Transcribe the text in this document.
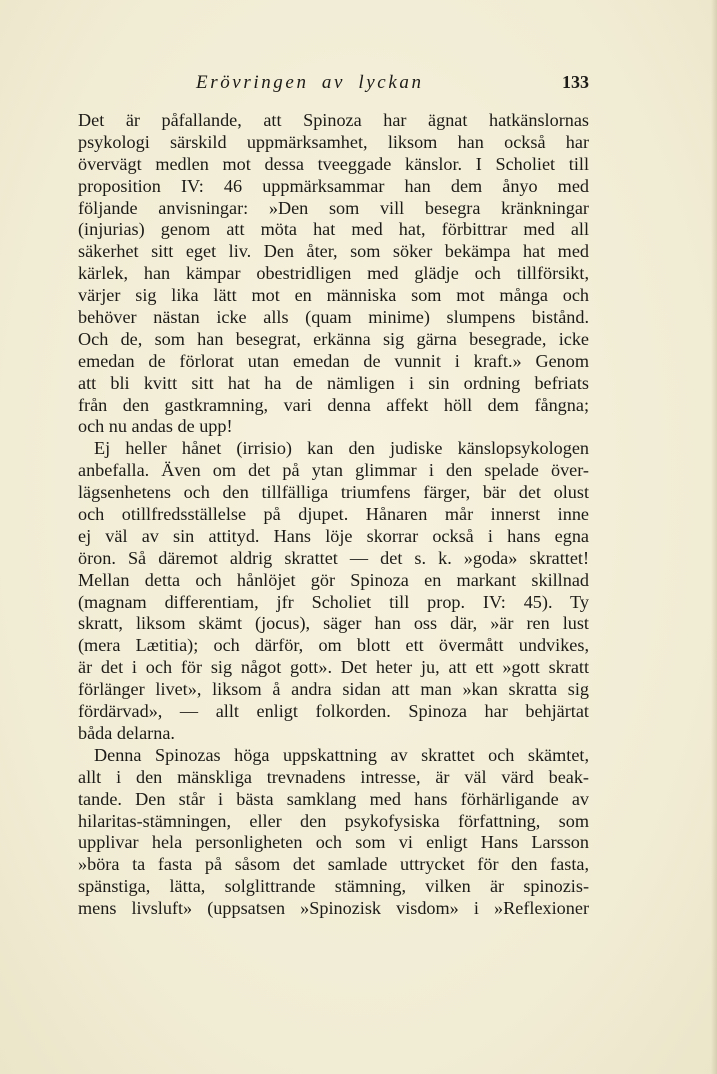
Erövringen av lyckan	133
Det är påfallande, att Spinoza har ägnat hatkänslornas
psykologi särskild uppmärksamhet, liksom han också har
övervägt medlen mot dessa tveeggade känslor. I Scholiet till
proposition IV: 46 uppmärksammar han dem ånyo med
följande anvisningar: »Den som vill besegra kränkningar
(injurias) genom att möta hat med hat, förbittrar med all
säkerhet sitt eget liv. Den åter, som söker bekämpa hat med
kärlek, han kämpar obestridligen med glädje och tillförsikt,
värjer sig lika lätt mot en människa som mot många och
behöver nästan icke alls (quam minime) slumpens bistånd.
Och de, som han besegrat, erkänna sig gärna besegrade, icke
emedan de förlorat utan emedan de vunnit i kraft.» Genom
att bli kvitt sitt hat ha de nämligen i sin ordning befriats
från den gastkramning, vari denna affekt höll dem fångna;
och nu andas de upp!
Ej heller hånet (irrisio) kan den judiske känslopsykologen
anbefalla. Även om det på ytan glimmar i den spelade över-
lägsenhetens och den tillfälliga triumfens färger, bär det olust
och otillfredsställelse på djupet. Hånaren mår innerst inne
ej väl av sin attityd. Hans löje skorrar också i hans egna
öron. Så däremot aldrig skrattet — det s. k. »goda» skrattet!
Mellan detta och hånlöjet gör Spinoza en markant skillnad
(magnam differentiam, jfr Scholiet till prop. IV: 45). Ty
skratt, liksom skämt (jocus), säger han oss där, »är ren lust
(mera Lætitia); och därför, om blott ett övermått undvikes,
är det i och för sig något gott». Det heter ju, att ett »gott skratt
förlänger livet», liksom å andra sidan att man »kan skratta sig
fördärvad», — allt enligt folkorden. Spinoza har behjärtat
båda delarna.
Denna Spinozas höga uppskattning av skrattet och skämtet,
allt i den mänskliga trevnadens intresse, är väl värd beak-
tande. Den står i bästa samklang med hans förhärligande av
hilaritas-stämningen, eller den psykofysiska författning, som
upplivar hela personligheten och som vi enligt Hans Larsson
»böra ta fasta på såsom det samlade uttrycket för den fasta,
spänstiga, lätta, solglittrande stämning, vilken är spinozis-
mens livsluft» (uppsatsen »Spinozisk visdom» i »Reflexioner
